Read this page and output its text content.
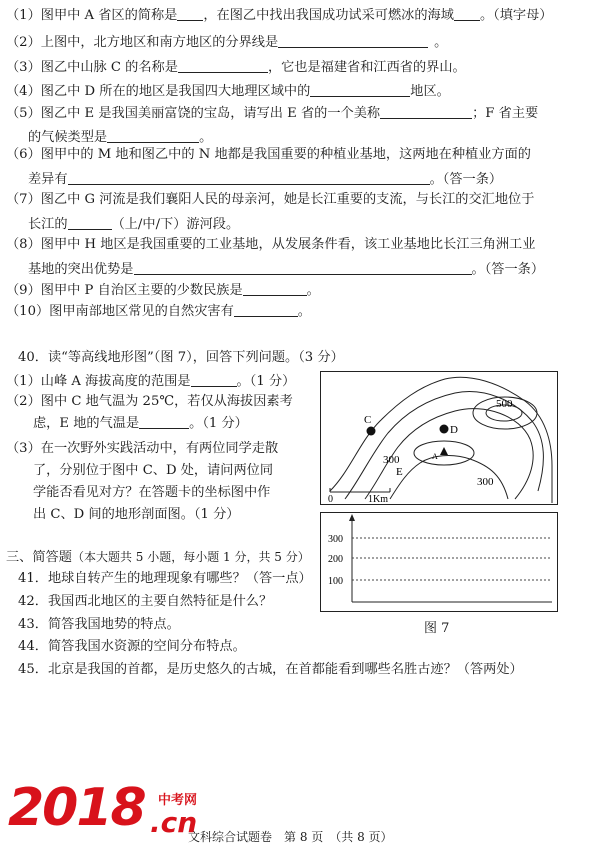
（1）图甲中 A 省区的简称是 ，在图乙中找出我国成功试采可燃冰的海域 。（填字母）
（2）上图中，北方地区和南方地区的分界线是	。
（3）图乙中山脉 C 的名称是	，它也是福建省和江西省的界山。
（4）图乙中 D 所在的地区是我国四大地理区域中的	地区。
（5）图乙中 E 是我国美丽富饶的宝岛，请写出 E 省的一个美称	；F 省主要
的气候类型是	。
（6）图甲中的 M 地和图乙中的 N 地都是我国重要的种植业基地，这两地在种植业方面的
差异有	。（答一条）
（7）图乙中 G 河流是我们襄阳人民的母亲河，她是长江重要的支流，与长江的交汇地位于
长江的	（上/中/下）游河段。
（8）图甲中 H 地区是我国重要的工业基地，从发展条件看，该工业基地比长江三角洲工业
基地的突出优势是	。（答一条）
（9）图甲中 P 自治区主要的少数民族是	。
（10）图甲南部地区常见的自然灾害有	。
40．读“等高线地形图”（图 7），回答下列问题。（3 分）
（1）山峰 A 海拔高度的范围是	。（1 分）
（2）图中 C 地气温为 25℃，若仅从海拔因素考
虑，E 地的气温是	。（1 分）
（3）在一次野外实践活动中，有两位同学走散
了，分别位于图中 C、D 处，请问两位同
学能否看见对方？在答题卡的坐标图中作
出 C、D 间的地形剖面图。（1 分）
C
D
A
E
500
300
300
0	1Km
300
200
100
图 7
三、简答题（本大题共 5 小题，每小题 1 分，共 5 分）
41．地球自转产生的地理现象有哪些？（答一点）
42．我国西北地区的主要自然特征是什么？
43．简答我国地势的特点。
44．简答我国水资源的空间分布特点。
45．北京是我国的首都，是历史悠久的古城，在首都能看到哪些名胜古迹？（答两处）
2018 中考网
.cn
文科综合试题卷　第 8 页　（共 8 页）
